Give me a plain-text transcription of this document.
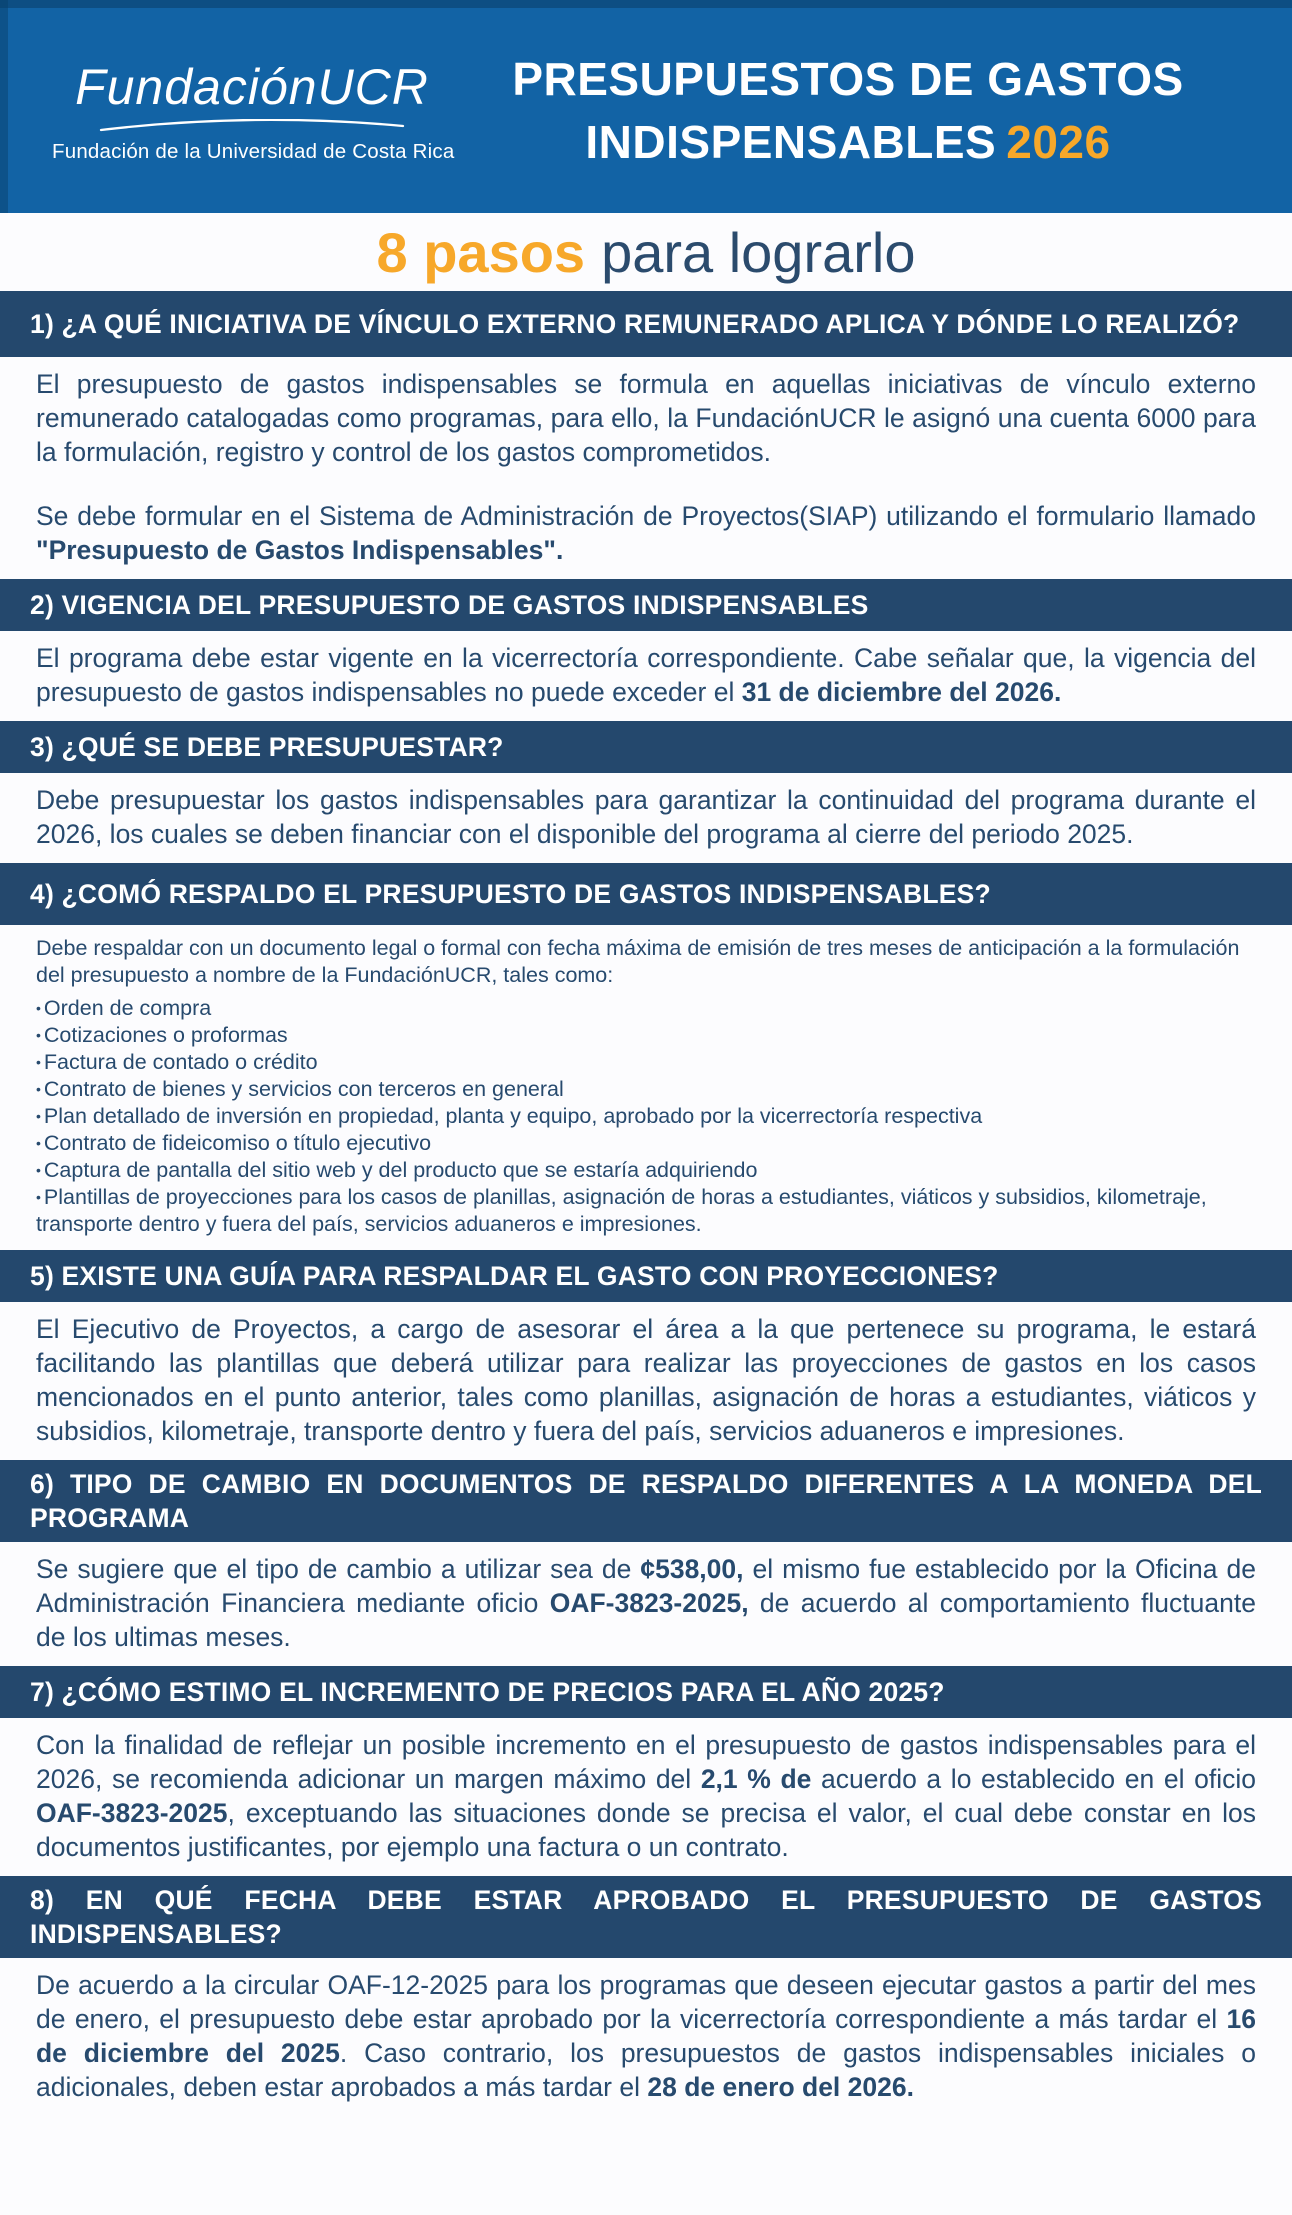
FundaciónUCR
Fundación de la Universidad de Costa Rica
PRESUPUESTOS DE GASTOS
INDISPENSABLES 2026
8 pasos para lograrlo
1) ¿A QUÉ INICIATIVA DE VÍNCULO EXTERNO REMUNERADO APLICA Y DÓNDE LO REALIZÓ?

El presupuesto de gastos indispensables se formula en aquellas iniciativas de vínculo externo remunerado catalogadas como programas, para ello, la FundaciónUCR le asignó una cuenta 6000 para la formulación, registro y control de los gastos comprometidos.

Se debe formular en el Sistema de Administración de Proyectos(SIAP) utilizando el formulario llamado "Presupuesto de Gastos Indispensables".

2) VIGENCIA DEL PRESUPUESTO DE GASTOS INDISPENSABLES

El programa debe estar vigente en la vicerrectoría correspondiente. Cabe señalar que, la vigencia del presupuesto de gastos indispensables no puede exceder el 31 de diciembre del 2026.

3) ¿QUÉ SE DEBE PRESUPUESTAR?

Debe presupuestar los gastos indispensables para garantizar la continuidad del programa durante el 2026, los cuales se deben financiar con el disponible del programa al cierre del periodo 2025.

4) ¿COMÓ RESPALDO EL PRESUPUESTO DE GASTOS INDISPENSABLES?

Debe respaldar con un documento legal o formal con fecha máxima de emisión de tres meses de anticipación a la formulación del presupuesto a nombre de la FundaciónUCR, tales como:

• Orden de compra
• Cotizaciones o proformas
• Factura de contado o crédito
• Contrato de bienes y servicios con terceros en general
• Plan detallado de inversión en propiedad, planta y equipo, aprobado por la vicerrectoría respectiva
• Contrato de fideicomiso o título ejecutivo
• Captura de pantalla del sitio web y del producto que se estaría adquiriendo
• Plantillas de proyecciones para los casos de planillas, asignación de horas a estudiantes, viáticos y subsidios, kilometraje, transporte dentro y fuera del país, servicios aduaneros e impresiones.
5) EXISTE UNA GUÍA PARA RESPALDAR EL GASTO CON PROYECCIONES?

El Ejecutivo de Proyectos, a cargo de asesorar el área a la que pertenece su programa, le estará facilitando las plantillas que deberá utilizar para realizar las proyecciones de gastos en los casos mencionados en el punto anterior, tales como planillas, asignación de horas a estudiantes, viáticos y subsidios, kilometraje, transporte dentro y fuera del país, servicios aduaneros e impresiones.

6) TIPO DE CAMBIO EN DOCUMENTOS DE RESPALDO DIFERENTES A LA MONEDA DEL PROGRAMA

Se sugiere que el tipo de cambio a utilizar sea de ¢538,00, el mismo fue establecido por la Oficina de Administración Financiera mediante oficio OAF-3823-2025, de acuerdo al comportamiento fluctuante de los ultimas meses.

7) ¿CÓMO ESTIMO EL INCREMENTO DE PRECIOS PARA EL AÑO 2025?

Con la finalidad de reflejar un posible incremento en el presupuesto de gastos indispensables para el 2026, se recomienda adicionar un margen máximo del 2,1 % de acuerdo a lo establecido en el oficio OAF-3823-2025, exceptuando las situaciones donde se precisa el valor, el cual debe constar en los documentos justificantes, por ejemplo una factura o un contrato.

8) EN QUÉ FECHA DEBE ESTAR APROBADO EL PRESUPUESTO DE GASTOS INDISPENSABLES?

De acuerdo a la circular OAF-12-2025 para los programas que deseen ejecutar gastos a partir del mes de enero, el presupuesto debe estar aprobado por la vicerrectoría correspondiente a más tardar el 16 de diciembre del 2025. Caso contrario, los presupuestos de gastos indispensables iniciales o adicionales, deben estar aprobados a más tardar el 28 de enero del 2026.
